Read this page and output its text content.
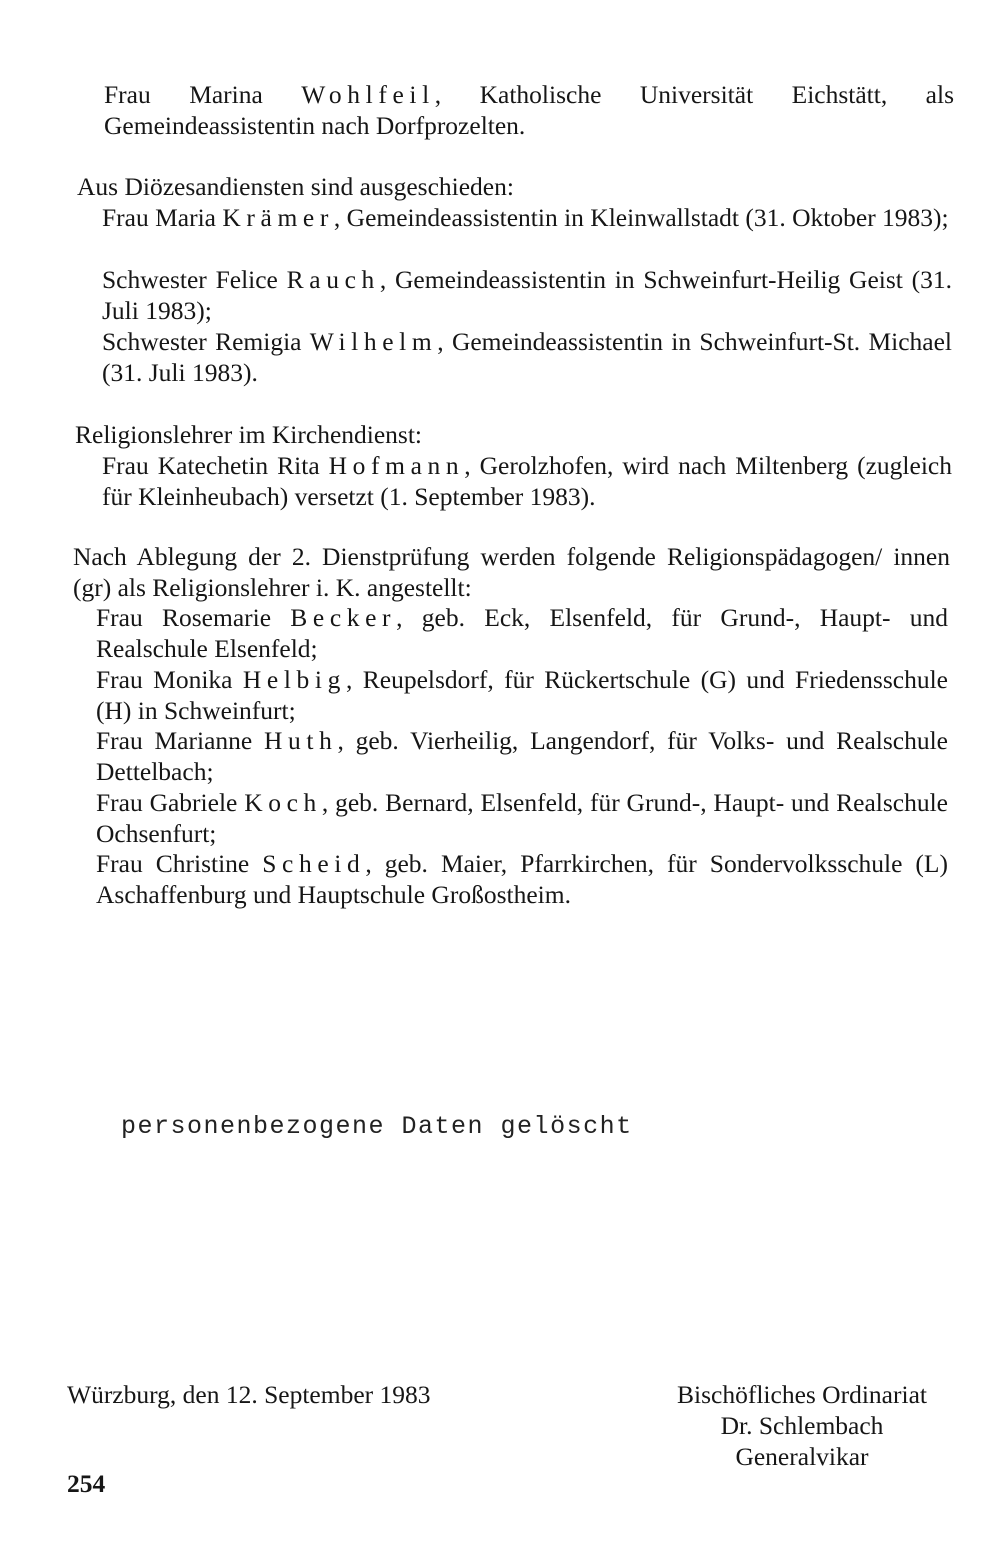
Frau Marina Wohlfeil, Katholische Universität Eichstätt, als Gemeindeassistentin nach Dorfprozelten.

Aus Diözesandiensten sind ausgeschieden:

Frau Maria Krämer, Gemeindeassistentin in Kleinwallstadt (31. Oktober 1983);

Schwester Felice Rauch, Gemeindeassistentin in Schweinfurt-Heilig Geist (31. Juli 1983);

Schwester Remigia Wilhelm, Gemeindeassistentin in Schweinfurt-St. Michael (31. Juli 1983).

Religionslehrer im Kirchendienst:

Frau Katechetin Rita Hofmann, Gerolzhofen, wird nach Miltenberg (zugleich für Kleinheubach) versetzt (1. September 1983).

Nach Ablegung der 2. Dienstprüfung werden folgende Religionspädagogen/ innen (gr) als Religionslehrer i. K. angestellt:

Frau Rosemarie Becker, geb. Eck, Elsenfeld, für Grund-, Haupt- und Realschule Elsenfeld;

Frau Monika Helbig, Reupelsdorf, für Rückertschule (G) und Friedensschule (H) in Schweinfurt;

Frau Marianne Huth, geb. Vierheilig, Langendorf, für Volks- und Realschule Dettelbach;

Frau Gabriele Koch, geb. Bernard, Elsenfeld, für Grund-, Haupt- und Realschule Ochsenfurt;

Frau Christine Scheid, geb. Maier, Pfarrkirchen, für Sondervolksschule (L) Aschaffenburg und Hauptschule Großostheim.

personenbezogene Daten gelöscht
Würzburg, den 12. September 1983	Bischöfliches Ordinariat
Dr. Schlembach
Generalvikar
254
